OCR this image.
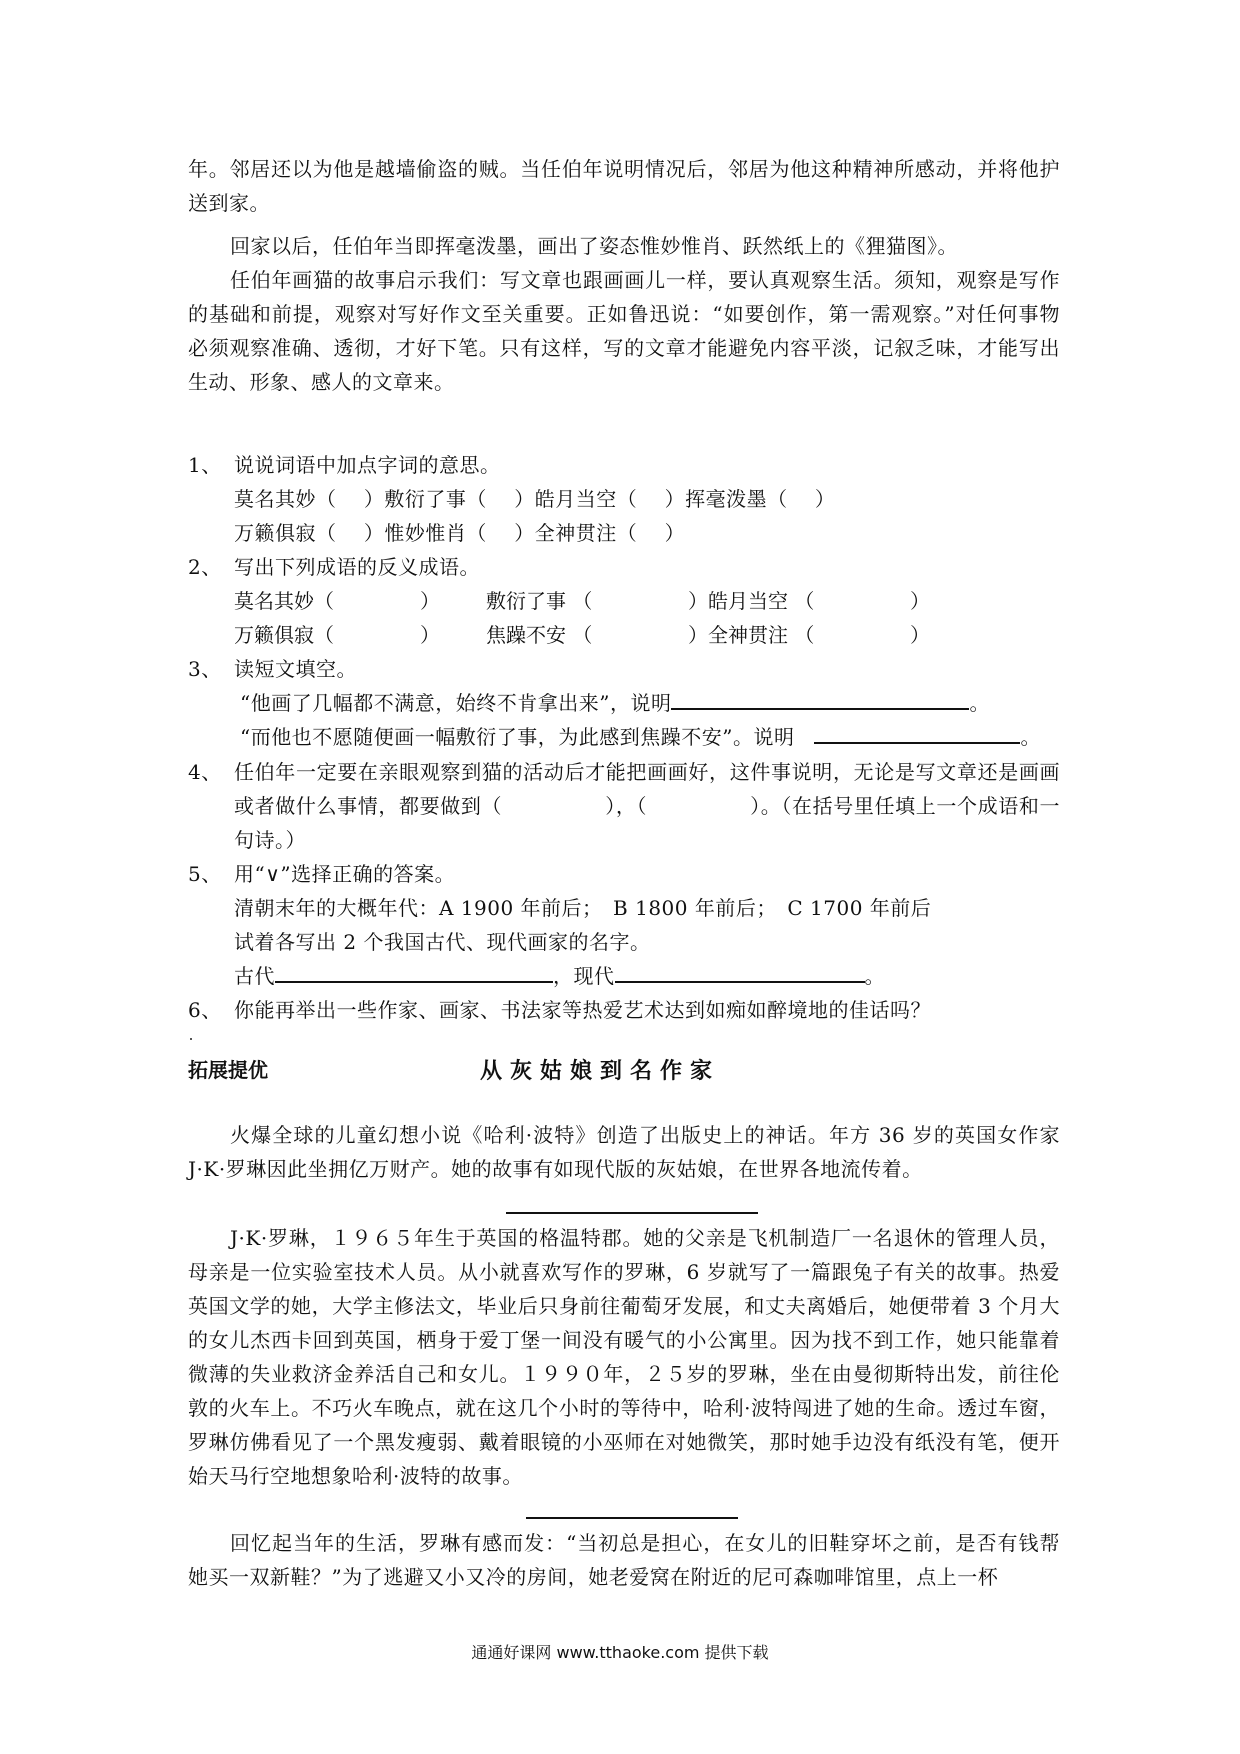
年。邻居还以为他是越墙偷盗的贼。当任伯年说明情况后，邻居为他这种精神所感动，并将他护送到家。

回家以后，任伯年当即挥毫泼墨，画出了姿态惟妙惟肖、跃然纸上的《狸猫图》。

任伯年画猫的故事启示我们：写文章也跟画画儿一样，要认真观察生活。须知，观察是写作的基础和前提，观察对写好作文至关重要。正如鲁迅说：“如要创作，第一需观察。”对任何事物必须观察准确、透彻，才好下笔。只有这样，写的文章才能避免内容平淡，记叙乏味，才能写出生动、形象、感人的文章来。

1、 说说词语中加点字词的意思。
莫名其妙（　 ）敷衍了事（　 ）皓月当空（　 ）挥毫泼墨（　 ）
万籁俱寂（　 ）惟妙惟肖（　 ）全神贯注（　 ）
2、 写出下列成语的反义成语。
莫名其妙（	） 敷衍了事 （	）皓月当空 （	）
万籁俱寂（	） 焦躁不安 （	）全神贯注 （	）
3、 读短文填空。
“他画了几幅都不满意，始终不肯拿出来”，说明	。
“而他也不愿随便画一幅敷衍了事，为此感到焦躁不安”。说明	。
4、 任伯年一定要在亲眼观察到猫的活动后才能把画画好，这件事说明，无论是写文章还是画画或者做什么事情，都要做到（　　　　　），（　　　　　）。（在括号里任填上一个成语和一句诗。）

5、 用“∨”选择正确的答案。
清朝末年的大概年代：A 1900 年前后；　B 1800 年前后；　C 1700 年前后
试着各写出 2 个我国古代、现代画家的名字。
古代	，现代	。
6、 你能再举出一些作家、画家、书法家等热爱艺术达到如痴如醉境地的佳话吗？
拓展提优	从灰姑娘到名作家

火爆全球的儿童幻想小说《哈利·波特》创造了出版史上的神话。年方 36 岁的英国女作家 J·K·罗琳因此坐拥亿万财产。她的故事有如现代版的灰姑娘，在世界各地流传着。

J·K·罗琳，１９６５年生于英国的格温特郡。她的父亲是飞机制造厂一名退休的管理人员，母亲是一位实验室技术人员。从小就喜欢写作的罗琳，6 岁就写了一篇跟兔子有关的故事。热爱英国文学的她，大学主修法文，毕业后只身前往葡萄牙发展，和丈夫离婚后，她便带着 3 个月大的女儿杰西卡回到英国，栖身于爱丁堡一间没有暖气的小公寓里。因为找不到工作，她只能靠着微薄的失业救济金养活自己和女儿。１９９０年，２５岁的罗琳，坐在由曼彻斯特出发，前往伦敦的火车上。不巧火车晚点，就在这几个小时的等待中，哈利·波特闯进了她的生命。透过车窗，罗琳仿佛看见了一个黑发瘦弱、戴着眼镜的小巫师在对她微笑，那时她手边没有纸没有笔，便开始天马行空地想象哈利·波特的故事。

回忆起当年的生活，罗琳有感而发：“当初总是担心，在女儿的旧鞋穿坏之前，是否有钱帮她买一双新鞋？”为了逃避又小又冷的房间，她老爱窝在附近的尼可森咖啡馆里，点上一杯

通通好课网 www.tthaoke.com 提供下载
